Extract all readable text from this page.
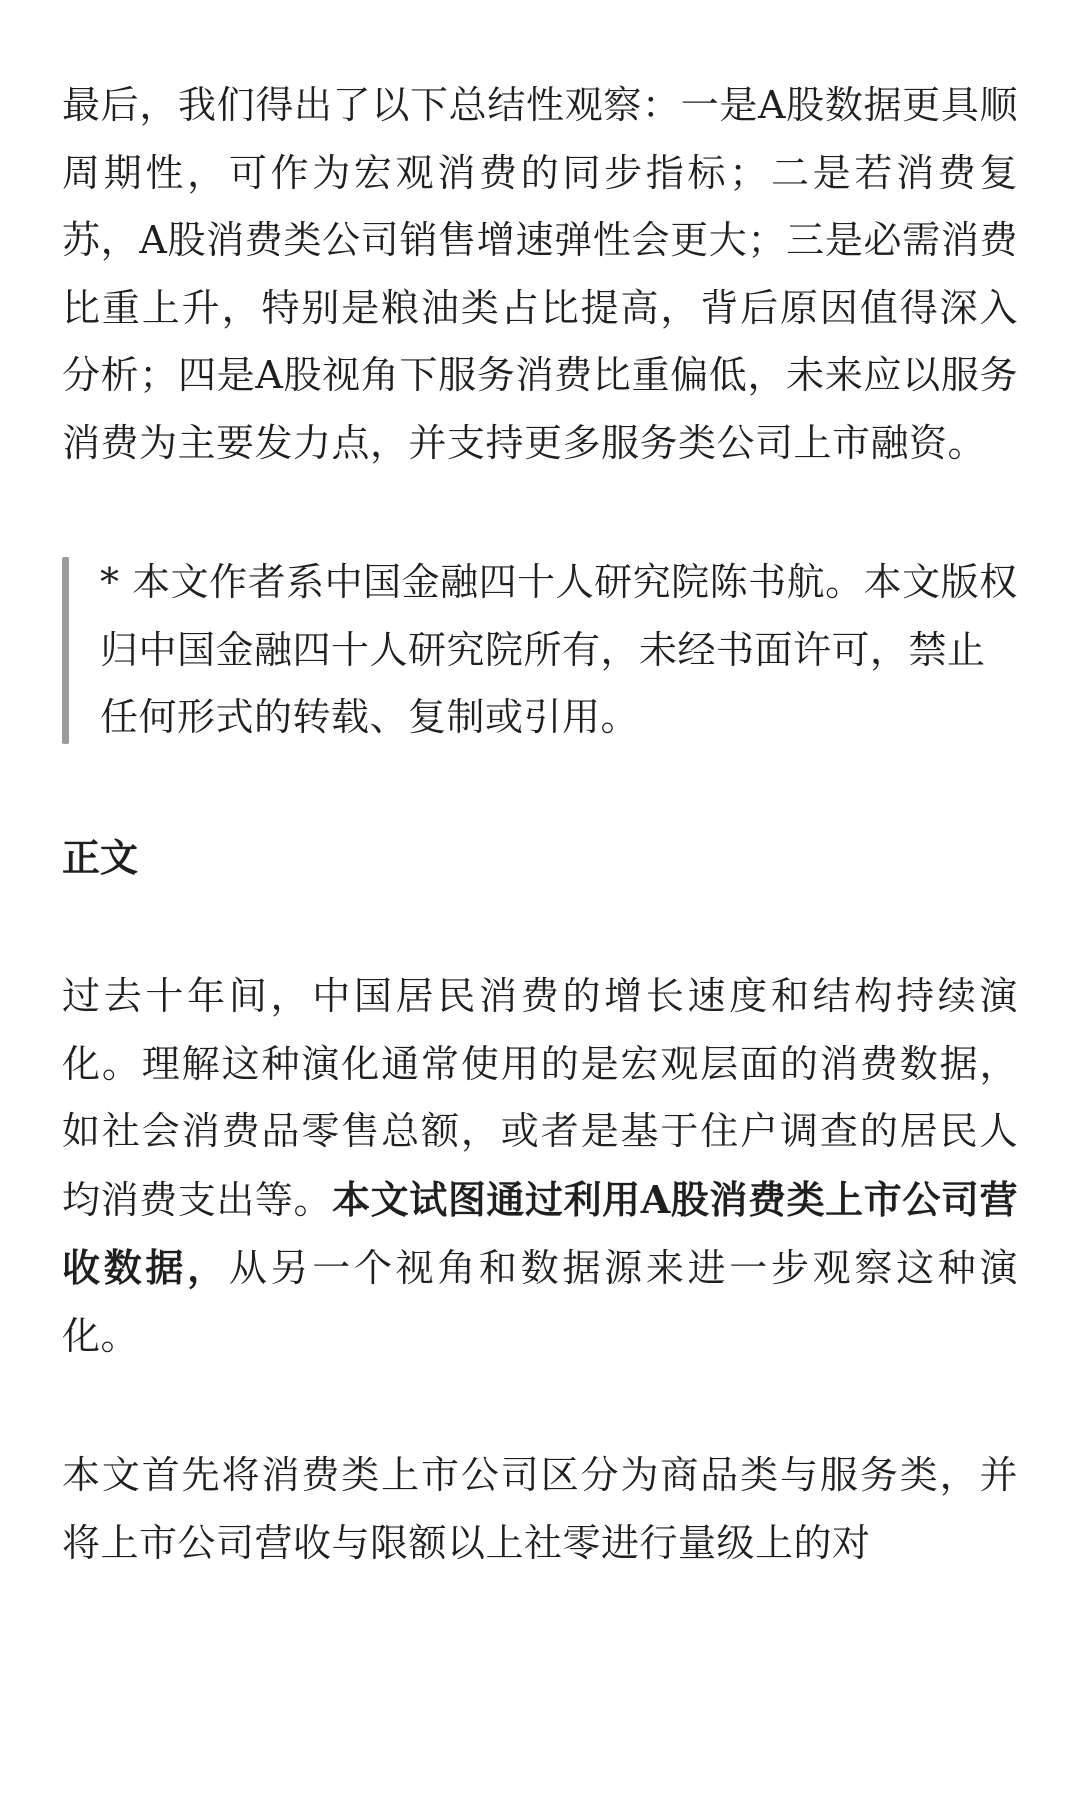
最后，我们得出了以下总结性观察：一是A股数据更具顺周期性，可作为宏观消费的同步指标；二是若消费复苏，A股消费类公司销售增速弹性会更大；三是必需消费比重上升，特别是粮油类占比提高，背后原因值得深入分析；四是A股视角下服务消费比重偏低，未来应以服务消费为主要发力点，并支持更多服务类公司上市融资。

* 本文作者系中国金融四十人研究院陈书航。本文版权归中国金融四十人研究院所有，未经书面许可，禁止任何形式的转载、复制或引用。
正文

过去十年间，中国居民消费的增长速度和结构持续演化。理解这种演化通常使用的是宏观层面的消费数据，如社会消费品零售总额，或者是基于住户调查的居民人均消费支出等。本文试图通过利用A股消费类上市公司营收数据，从另一个视角和数据源来进一步观察这种演化。

本文首先将消费类上市公司区分为商品类与服务类，并将上市公司营收与限额以上社零进行量级上的对
